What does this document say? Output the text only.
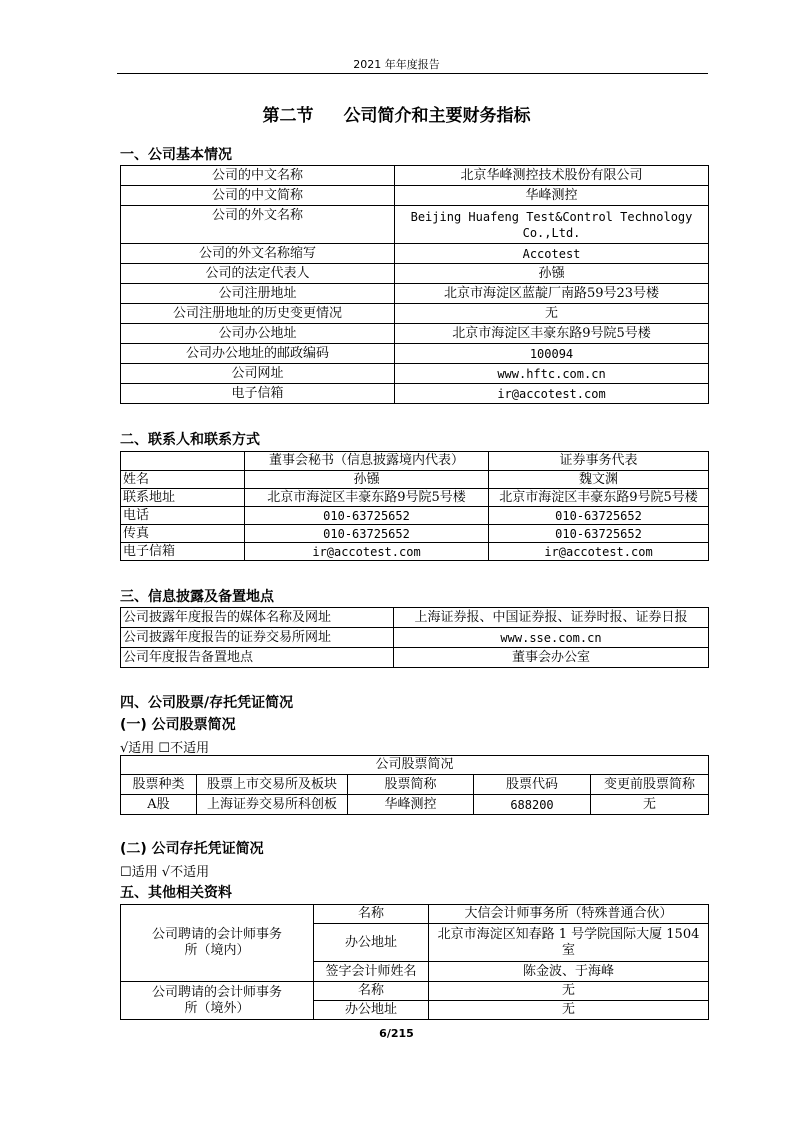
2021 年年度报告
第二节 公司简介和主要财务指标
一、公司基本情况
公司的中文名称	北京华峰测控技术股份有限公司
公司的中文简称	华峰测控
公司的外文名称	Beijing Huafeng Test&Control Technology Co.,Ltd.
公司的外文名称缩写	Accotest
公司的法定代表人	孙镪
公司注册地址	北京市海淀区蓝靛厂南路59号23号楼
公司注册地址的历史变更情况	无
公司办公地址	北京市海淀区丰豪东路9号院5号楼
公司办公地址的邮政编码	100094
公司网址	www.hftc.com.cn
电子信箱	ir@accotest.com
二、联系人和联系方式
	董事会秘书（信息披露境内代表）	证券事务代表
姓名	孙镪	魏文渊
联系地址	北京市海淀区丰豪东路9号院5号楼	北京市海淀区丰豪东路9号院5号楼
电话	010-63725652	010-63725652
传真	010-63725652	010-63725652
电子信箱	ir@accotest.com	ir@accotest.com
三、信息披露及备置地点
公司披露年度报告的媒体名称及网址	上海证券报、中国证券报、证券时报、证券日报
公司披露年度报告的证券交易所网址	www.sse.com.cn
公司年度报告备置地点	董事会办公室
四、公司股票/存托凭证简况
(一) 公司股票简况
√适用 ☐不适用
公司股票简况				
股票种类	股票上市交易所及板块	股票简称	股票代码	变更前股票简称
A股	上海证券交易所科创板	华峰测控	688200	无
(二) 公司存托凭证简况
☐适用 √不适用
五、其他相关资料
公司聘请的会计师事务所（境内）	名称	大信会计师事务所（特殊普通合伙）
	办公地址	北京市海淀区知春路 1 号学院国际大厦 1504 室
	签字会计师姓名	陈金波、于海峰
公司聘请的会计师事务所（境外）	名称	无
	办公地址	无
6/215
